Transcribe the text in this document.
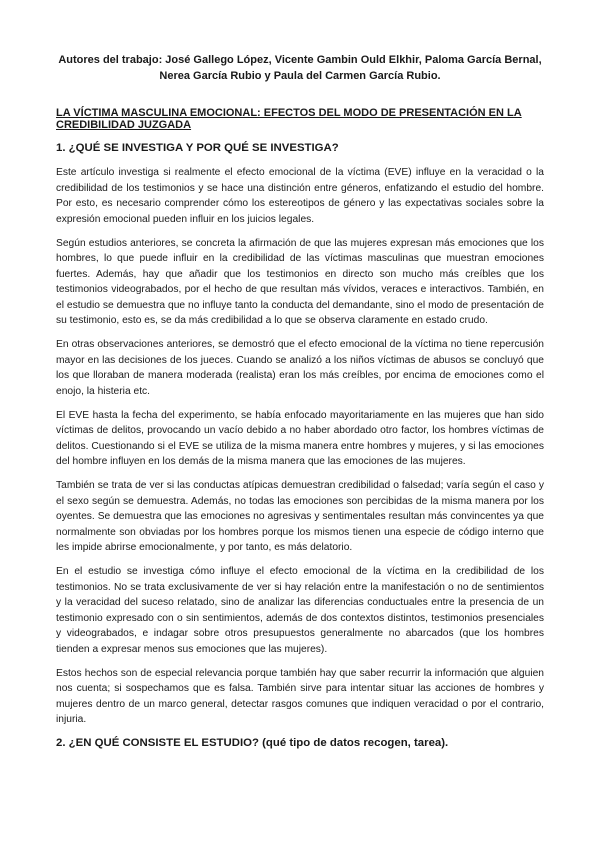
Autores del trabajo: José Gallego López, Vicente Gambin Ould Elkhir, Paloma García Bernal, Nerea García Rubio y Paula del Carmen García Rubio.

LA VÍCTIMA MASCULINA EMOCIONAL: EFECTOS DEL MODO DE PRESENTACIÓN EN LA CREDIBILIDAD JUZGADA

1. ¿QUÉ SE INVESTIGA Y POR QUÉ SE INVESTIGA?

Este artículo investiga si realmente el efecto emocional de la víctima (EVE) influye en la veracidad o la credibilidad de los testimonios y se hace una distinción entre géneros, enfatizando el estudio del hombre. Por esto, es necesario comprender cómo los estereotipos de género y las expectativas sociales sobre la expresión emocional pueden influir en los juicios legales.

Según estudios anteriores, se concreta la afirmación de que las mujeres expresan más emociones que los hombres, lo que puede influir en la credibilidad de las víctimas masculinas que muestran emociones fuertes. Además, hay que añadir que los testimonios en directo son mucho más creíbles que los testimonios videograbados, por el hecho de que resultan más vívidos, veraces e interactivos. También, en el estudio se demuestra que no influye tanto la conducta del demandante, sino el modo de presentación de su testimonio, esto es, se da más credibilidad a lo que se observa claramente en estado crudo.

En otras observaciones anteriores, se demostró que el efecto emocional de la víctima no tiene repercusión mayor en las decisiones de los jueces. Cuando se analizó a los niños víctimas de abusos se concluyó que los que lloraban de manera moderada (realista) eran los más creíbles, por encima de emociones como el enojo, la histeria etc.

El EVE hasta la fecha del experimento, se había enfocado mayoritariamente en las mujeres que han sido víctimas de delitos, provocando un vacío debido a no haber abordado otro factor, los hombres víctimas de delitos. Cuestionando si el EVE se utiliza de la misma manera entre hombres y mujeres, y si las emociones del hombre influyen en los demás de la misma manera que las emociones de las mujeres.

También se trata de ver si las conductas atípicas demuestran credibilidad o falsedad; varía según el caso y el sexo según se demuestra. Además, no todas las emociones son percibidas de la misma manera por los oyentes. Se demuestra que las emociones no agresivas y sentimentales resultan más convincentes ya que normalmente son obviadas por los hombres porque los mismos tienen una especie de código interno que les impide abrirse emocionalmente, y por tanto, es más delatorio.

En el estudio se investiga cómo influye el efecto emocional de la víctima en la credibilidad de los testimonios. No se trata exclusivamente de ver si hay relación entre la manifestación o no de sentimientos y la veracidad del suceso relatado, sino de analizar las diferencias conductuales entre la presencia de un testimonio expresado con o sin sentimientos, además de dos contextos distintos, testimonios presenciales y videograbados, e indagar sobre otros presupuestos generalmente no abarcados (que los hombres tienden a expresar menos sus emociones que las mujeres).

Estos hechos son de especial relevancia porque también hay que saber recurrir la información que alguien nos cuenta; si sospechamos que es falsa. También sirve para intentar situar las acciones de hombres y mujeres dentro de un marco general, detectar rasgos comunes que indiquen veracidad o por el contrario, injuria.

2. ¿EN QUÉ CONSISTE EL ESTUDIO? (qué tipo de datos recogen, tarea).
